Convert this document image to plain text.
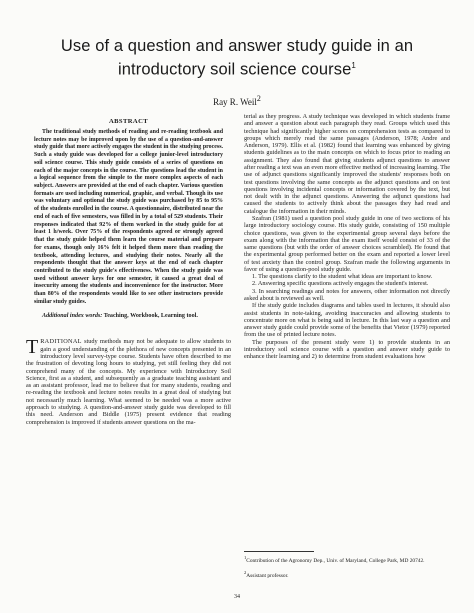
Use of a question and answer study guide in an introductory soil science course$^1$
Ray R. Weil$^2$
ABSTRACT
The traditional study methods of reading and re-reading textbook and lecture notes may be improved upon by the use of a question-and-answer study guide that more actively engages the student in the studying process. Such a study guide was developed for a college junior-level introductory soil science course. This study guide consists of a series of questions on each of the major concepts in the course. The questions lead the student in a logical sequence from the simple to the more complex aspects of each subject. Answers are provided at the end of each chapter. Various question formats are used including numerical, graphic, and verbal. Though its use was voluntary and optional the study guide was purchased by 85 to 95% of the students enrolled in the course. A questionnaire, distributed near the end of each of five semesters, was filled in by a total of 529 students. Their responses indicated that 92% of them worked in the study guide for at least 1 h/week. Over 75% of the respondents agreed or strongly agreed that the study guide helped them learn the course material and prepare for exams, though only 16% felt it helped them more than reading the textbook, attending lectures, and studying their notes. Nearly all the respondents thought that the answer keys at the end of each chapter contributed to the study guide's effectiveness. When the study guide was used without answer keys for one semester, it caused a great deal of insecurity among the students and inconvenience for the instructor. More than 80% of the respondents would like to see other instructors provide similar study guides.
Additional index words: Teaching, Workbook, Learning tool.
TRADITIONAL study methods may not be adequate to allow students to gain a good understanding of the plethora of new concepts presented in an introductory level survey-type course. Students have often described to me the frustration of devoting long hours to studying, yet still feeling they did not comprehend many of the concepts. My experience with Introductory Soil Science, first as a student, and subsequently as a graduate teaching assistant and as an assistant professor, lead me to believe that for many students, reading and re-reading the textbook and lecture notes results in a great deal of studying but not necessarily much learning. What seemed to be needed was a more active approach to studying. A question-and-answer study guide was developed to fill this need. Anderson and Biddle (1975) present evidence that reading comprehension is improved if students answer questions on the ma-

terial as they progress. A study technique was developed in which students frame and answer a question about each paragraph they read. Groups which used this technique had significantly higher scores on comprehension tests as compared to groups which merely read the same passages (Anderson, 1978; Andre and Anderson, 1979). Ellis et al. (1982) found that learning was enhanced by giving students guidelines as to the main concepts on which to focus prior to reading an assignment. They also found that giving students adjunct questions to answer after reading a text was an even more effective method of increasing learning. The use of adjunct questions significantly improved the students' responses both on test questions involving the same concepts as the adjunct questions and on test questions involving incidental concepts or information covered by the text, but not dealt with in the adjunct questions. Answering the adjunct questions had caused the students to actively think about the passages they had read and catalogue the information in their minds.

Szafran (1981) used a question pool study guide in one of two sections of his large introductory sociology course. His study guide, consisting of 150 multiple choice questions, was given to the experimental group several days before the exam along with the information that the exam itself would consist of 33 of the same questions (but with the order of answer choices scrambled). He found that the experimental group performed better on the exam and reported a lower level of test anxiety than the control group. Szafran made the following arguments in favor of using a question-pool study guide.

1. The questions clarify to the student what ideas are important to know.

2. Answering specific questions actively engages the student's interest.

3. In searching readings and notes for answers, other information not directly asked about is reviewed as well.

If the study guide includes diagrams and tables used in lectures, it should also assist students in note-taking, avoiding inaccuracies and allowing students to concentrate more on what is being said in lecture. In this last way a question and answer study guide could provide some of the benefits that Vietor (1979) reported from the use of printed lecture notes.

The purposes of the present study were 1) to provide students in an introductory soil science course with a question and answer study guide to enhance their learning and 2) to determine from student evaluations how

$^1$Contribution of the Agronomy Dep., Univ. of Maryland, College Park, MD 20742.
$^2$Assistant professor.
34
